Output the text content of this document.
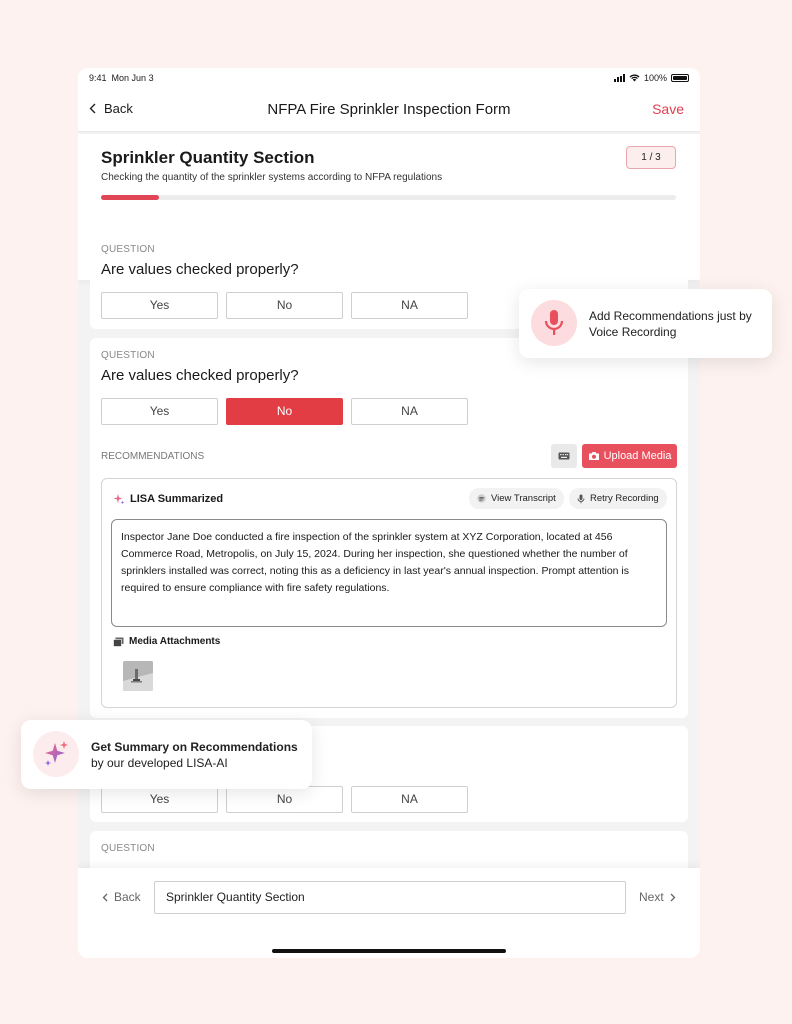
9:41 Mon Jun 3	100%
Back	NFPA Fire Sprinkler Inspection Form	Save
Sprinkler Quantity Section
Checking the quantity of the sprinkler systems according to NFPA regulations
1 / 3
QUESTION
Are values checked properly?
Yes	No	NA
QUESTION
Are values checked properly?
Yes	No	NA
RECOMMENDATIONS	Upload Media
LISA Summarized	View Transcript	Retry Recording
Inspector Jane Doe conducted a fire inspection of the sprinkler system at XYZ Corporation, located at 456 Commerce Road, Metropolis, on July 15, 2024. During her inspection, she questioned whether the number of sprinklers installed was correct, noting this as a deficiency in last year's annual inspection. Prompt attention is required to ensure compliance with fire safety regulations.
Media Attachments
Yes	No	NA
QUESTION
Back	Sprinkler Quantity Section	Next
Add Recommendations just by
Voice Recording
Get Summary on Recommendations
by our developed LISA-AI
